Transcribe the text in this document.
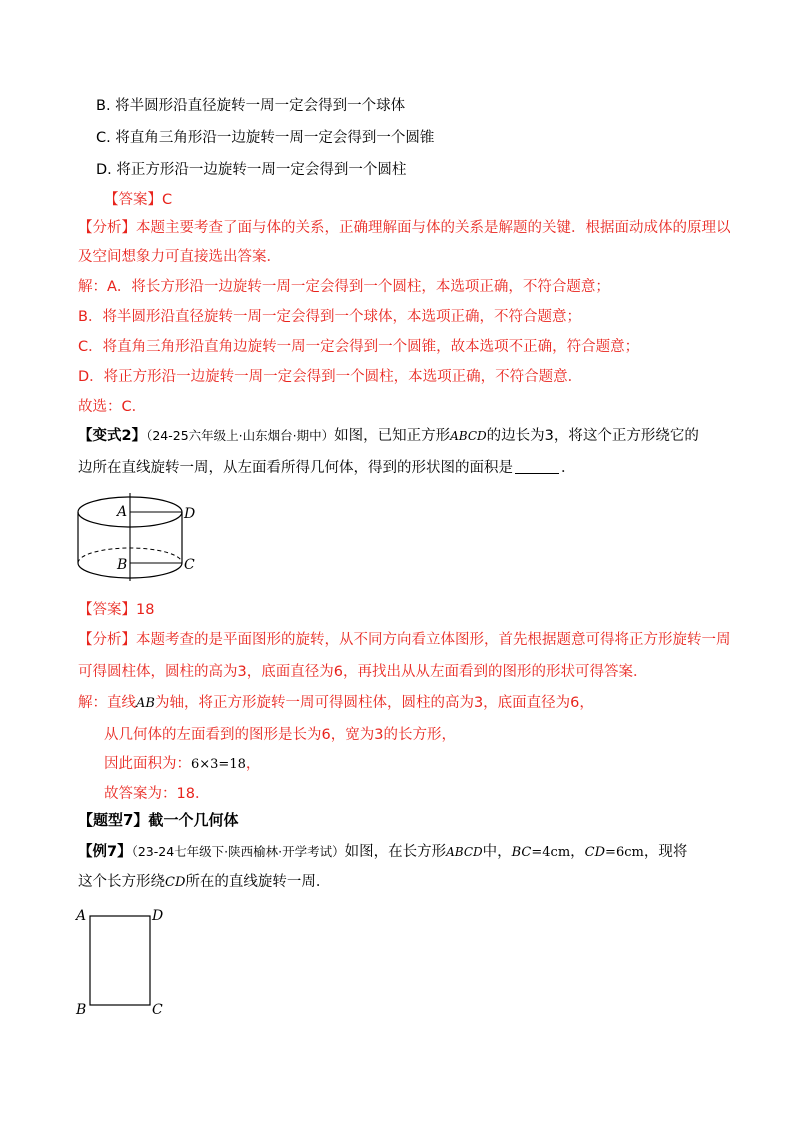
B. 将半圆形沿直径旋转一周一定会得到一个球体
C. 将直角三角形沿一边旋转一周一定会得到一个圆锥
D. 将正方形沿一边旋转一周一定会得到一个圆柱
【答案】C
【分析】本题主要考查了面与体的关系，正确理解面与体的关系是解题的关键．根据面动成体的原理以
及空间想象力可直接选出答案．
解：A．将长方形沿一边旋转一周一定会得到一个圆柱，本选项正确，不符合题意；
B．将半圆形沿直径旋转一周一定会得到一个球体，本选项正确，不符合题意；
C．将直角三角形沿直角边旋转一周一定会得到一个圆锥，故本选项不正确，符合题意；
D．将正方形沿一边旋转一周一定会得到一个圆柱，本选项正确，不符合题意．
故选：C．
【变式2】（24-25六年级上·山东烟台·期中）如图，已知正方形ABCD的边长为3，将这个正方形绕它的
边所在直线旋转一周，从左面看所得几何体，得到的形状图的面积是	．
A	D
B	C
【答案】18
【分析】本题考查的是平面图形的旋转，从不同方向看立体图形，首先根据题意可得将正方形旋转一周
可得圆柱体，圆柱的高为3，底面直径为6，再找出从从左面看到的图形的形状可得答案．
解：直线AB为轴，将正方形旋转一周可得圆柱体，圆柱的高为3，底面直径为6，
从几何体的左面看到的图形是长为6，宽为3的长方形，
因此面积为：6×3=18，
故答案为：18．
【题型7】截一个几何体
【例7】（23-24七年级下·陕西榆林·开学考试）如图，在长方形ABCD中，BC=4cm，CD=6cm，现将
这个长方形绕CD所在的直线旋转一周．
A	D
B	C
